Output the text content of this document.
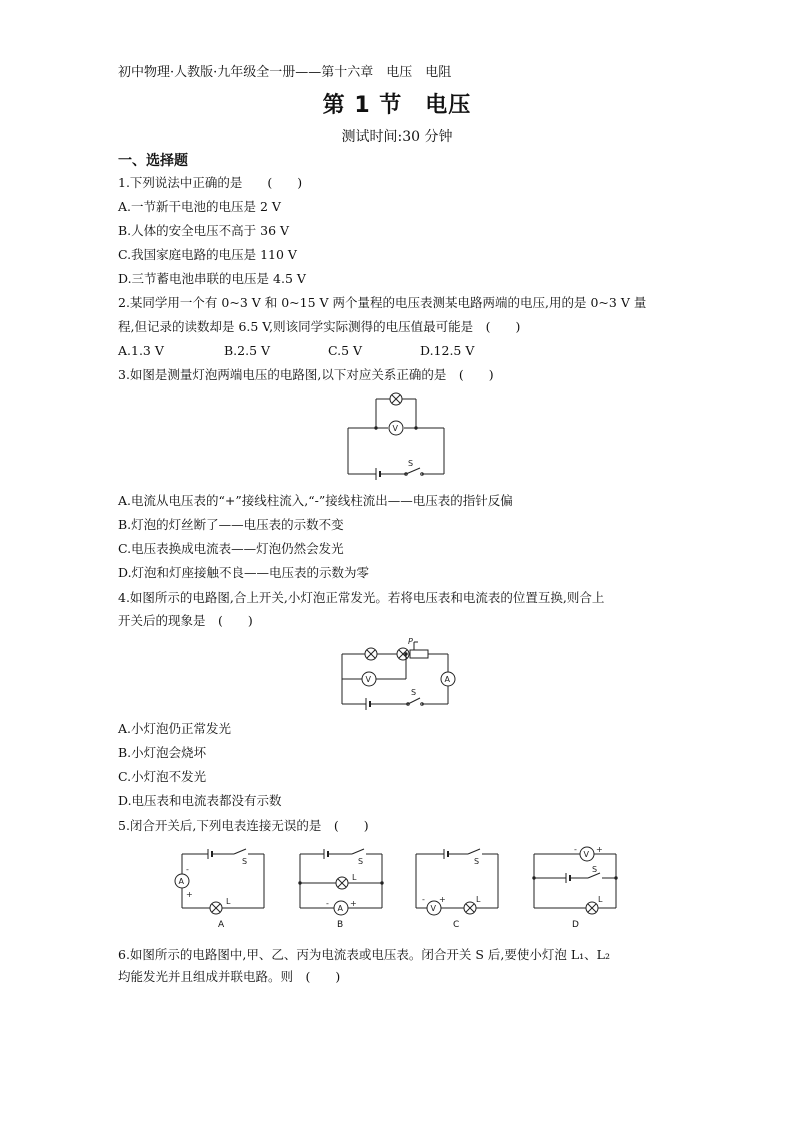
初中物理·人教版·九年级全一册——第十六章　电压　电阻
第 1 节　电压
测试时间:30 分钟
一、选择题
1.下列说法中正确的是　　(　　)
A.一节新干电池的电压是 2 V
B.人体的安全电压不高于 36 V
C.我国家庭电路的电压是 110 V
D.三节蓄电池串联的电压是 4.5 V
2.某同学用一个有 0~3 V 和 0~15 V 两个量程的电压表测某电路两端的电压,用的是 0~3 V 量
程,但记录的读数却是 6.5 V,则该同学实际测得的电压值最可能是　(　　)
A.1.3 V	B.2.5 V	C.5 V	D.12.5 V
3.如图是测量灯泡两端电压的电路图,以下对应关系正确的是　(　　)
V
S
A.电流从电压表的“+”接线柱流入,“-”接线柱流出——电压表的指针反偏
B.灯泡的灯丝断了——电压表的示数不变
C.电压表换成电流表——灯泡仍然会发光
D.灯泡和灯座接触不良——电压表的示数为零
4.如图所示的电路图,合上开关,小灯泡正常发光。若将电压表和电流表的位置互换,则合上
开关后的现象是　(　　)
P
V	A
S
A.小灯泡仍正常发光
B.小灯泡会烧坏
C.小灯泡不发光
D.电压表和电流表都没有示数
5.闭合开关后,下列电表连接无误的是　(　　)
S
A
-
+
L
A
S
L
A
-	+
B
S
V
- +	L
C
V
- +
S
L
D
6.如图所示的电路图中,甲、乙、丙为电流表或电压表。闭合开关 S 后,要使小灯泡 L₁、L₂
均能发光并且组成并联电路。则　(　　)
